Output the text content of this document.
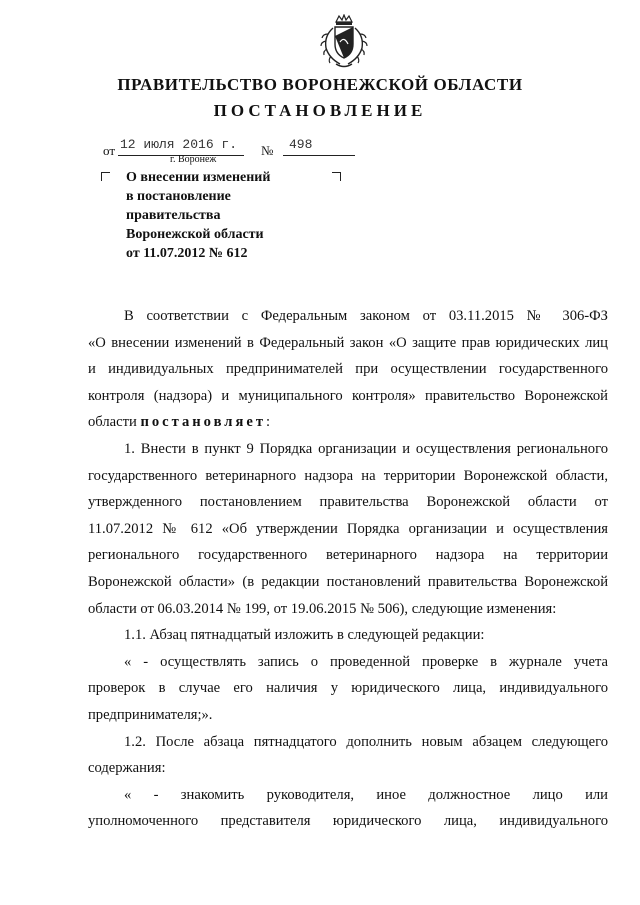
ПРАВИТЕЛЬСТВО ВОРОНЕЖСКОЙ ОБЛАСТИ
ПОСТАНОВЛЕНИЕ
от 12 июля 2016 г.	№	498
г. Воронеж
О внесении изменений
в постановление
правительства
Воронежской области
от 11.07.2012 № 612
В соответствии с Федеральным законом от 03.11.2015 № 306-ФЗ
«О внесении изменений в Федеральный закон «О защите прав юридических лиц
и индивидуальных предпринимателей при осуществлении государственного
контроля (надзора) и муниципального контроля» правительство Воронежской
области постановляет:
1. Внести в пункт 9 Порядка организации и осуществления регионального
государственного ветеринарного надзора на территории Воронежской области,
утвержденного постановлением правительства Воронежской области от
11.07.2012 № 612 «Об утверждении Порядка организации и осуществления
регионального государственного ветеринарного надзора на территории
Воронежской области» (в редакции постановлений правительства Воронежской
области от 06.03.2014 № 199, от 19.06.2015 № 506), следующие изменения:
1.1. Абзац пятнадцатый изложить в следующей редакции:
« - осуществлять запись о проведенной проверке в журнале учета
проверок в случае его наличия у юридического лица, индивидуального
предпринимателя;».
1.2. После абзаца пятнадцатого дополнить новым абзацем следующего
содержания:
« - знакомить руководителя, иное должностное лицо или
уполномоченного представителя юридического лица, индивидуального
